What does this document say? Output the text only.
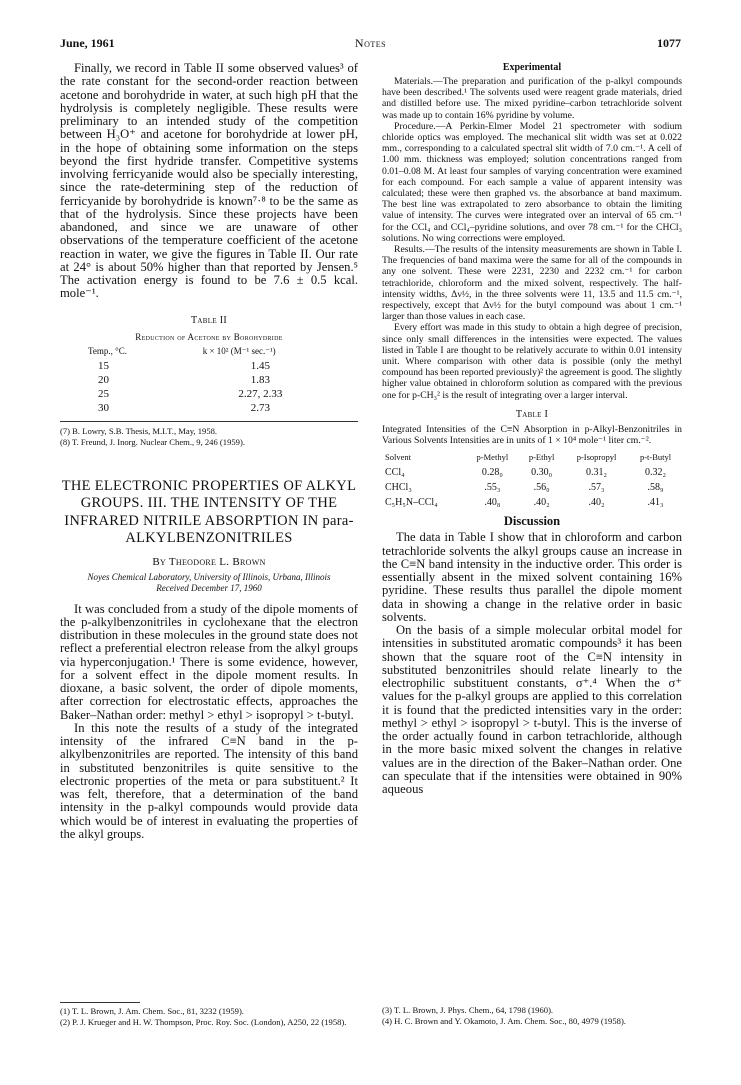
June, 1961	Notes	1077

Finally, we record in Table II some observed values³ of the rate constant for the second-order reaction between acetone and borohydride in water, at such high pH that the hydrolysis is completely negligible. These results were preliminary to an intended study of the competition between H₃O⁺ and acetone for borohydride at lower pH, in the hope of obtaining some information on the steps beyond the first hydride transfer. Competitive systems involving ferricyanide would also be specially interesting, since the rate-determining step of the reduction of ferricyanide by borohydride is known⁷·⁸ to be the same as that of the hydrolysis. Since these projects have been abandoned, and since we are unaware of other observations of the temperature coefficient of the acetone reaction in water, we give the figures in Table II. Our rate at 24° is about 50% higher than that reported by Jensen.⁵ The activation energy is found to be 7.6 ± 0.5 kcal. mole⁻¹.

Table II

Reduction of Acetone by Borohydride

Temp., °C.	k × 10² (M⁻¹ sec.⁻¹)
15	1.45
20	1.83
25	2.27, 2.33
30	2.73

(7) B. Lowry, S.B. Thesis, M.I.T., May, 1958.

(8) T. Freund, J. Inorg. Nuclear Chem., 9, 246 (1959).

THE ELECTRONIC PROPERTIES OF ALKYL GROUPS. III. THE INTENSITY OF THE INFRARED NITRILE ABSORPTION IN para-ALKYLBENZONITRILES

By Theodore L. Brown

Noyes Chemical Laboratory, University of Illinois, Urbana, Illinois

Received December 17, 1960

It was concluded from a study of the dipole moments of the p-alkylbenzonitriles in cyclohexane that the electron distribution in these molecules in the ground state does not reflect a preferential electron release from the alkyl groups via hyperconjugation.¹ There is some evidence, however, for a solvent effect in the dipole moment results. In dioxane, a basic solvent, the order of dipole moments, after correction for electrostatic effects, approaches the Baker–Nathan order: methyl > ethyl > isopropyl > t-butyl.

In this note the results of a study of the integrated intensity of the infrared C≡N band in the p-alkylbenzonitriles are reported. The intensity of this band in substituted benzonitriles is quite sensitive to the electronic properties of the meta or para substituent.² It was felt, therefore, that a determination of the band intensity in the p-alkyl compounds would provide data which would be of interest in evaluating the properties of the alkyl groups.

Experimental

Materials.—The preparation and purification of the p-alkyl compounds have been described.¹ The solvents used were reagent grade materials, dried and distilled before use. The mixed pyridine–carbon tetrachloride solvent was made up to contain 16% pyridine by volume.

Procedure.—A Perkin-Elmer Model 21 spectrometer with sodium chloride optics was employed. The mechanical slit width was set at 0.022 mm., corresponding to a calculated spectral slit width of 7.0 cm.⁻¹. A cell of 1.00 mm. thickness was employed; solution concentrations ranged from 0.01–0.08 M. At least four samples of varying concentration were examined for each compound. For each sample a value of apparent intensity was calculated; these were then graphed vs. the absorbance at band maximum. The best line was extrapolated to zero absorbance to obtain the limiting value of intensity. The curves were integrated over an interval of 65 cm.⁻¹ for the CCl₄ and CCl₄–pyridine solutions, and over 78 cm.⁻¹ for the CHCl₃ solutions. No wing corrections were employed.

Results.—The results of the intensity measurements are shown in Table I. The frequencies of band maxima were the same for all of the compounds in any one solvent. These were 2231, 2230 and 2232 cm.⁻¹ for carbon tetrachloride, chloroform and the mixed solvent, respectively. The half-intensity widths, Δν½, in the three solvents were 11, 13.5 and 11.5 cm.⁻¹, respectively, except that Δν½ for the butyl compound was about 1 cm.⁻¹ larger than those values in each case.

Every effort was made in this study to obtain a high degree of precision, since only small differences in the intensities were expected. The values listed in Table I are thought to be relatively accurate to within 0.01 intensity unit. Where comparison with other data is possible (only the methyl compound has been reported previously)² the agreement is good. The slightly higher value obtained in chloroform solution as compared with the previous one for p-CH₃² is the result of integrating over a larger interval.

Table I

Integrated Intensities of the C≡N Absorption in p-Alkyl-Benzonitriles in Various Solvents Intensities are in units of 1 × 10⁴ mole⁻¹ liter cm.⁻².

Solvent	p-Methyl	p-Ethyl	p-Isopropyl	p-t-Butyl
CCl₄	0.28₀	0.30₀	0.31₂	0.32₂
CHCl₃	.55₃	.56₀	.57₃	.58₉
C₅H₅N–CCl₄	.40₈	.40₂	.40₂	.41₃

Discussion

The data in Table I show that in chloroform and carbon tetrachloride solvents the alkyl groups cause an increase in the C≡N band intensity in the inductive order. This order is essentially absent in the mixed solvent containing 16% pyridine. These results thus parallel the dipole moment data in showing a change in the relative order in basic solvents.

On the basis of a simple molecular orbital model for intensities in substituted aromatic compounds³ it has been shown that the square root of the C≡N intensity in substituted benzonitriles should relate linearly to the electrophilic substituent constants, σ⁺.⁴ When the σ⁺ values for the p-alkyl groups are applied to this correlation it is found that the predicted intensities vary in the order: methyl > ethyl > isopropyl > t-butyl. This is the inverse of the order actually found in carbon tetrachloride, although in the more basic mixed solvent the changes in relative values are in the direction of the Baker–Nathan order. One can speculate that if the intensities were obtained in 90% aqueous

(1) T. L. Brown, J. Am. Chem. Soc., 81, 3232 (1959).

(2) P. J. Krueger and H. W. Thompson, Proc. Roy. Soc. (London), A250, 22 (1958).

(3) T. L. Brown, J. Phys. Chem., 64, 1798 (1960).

(4) H. C. Brown and Y. Okamoto, J. Am. Chem. Soc., 80, 4979 (1958).
